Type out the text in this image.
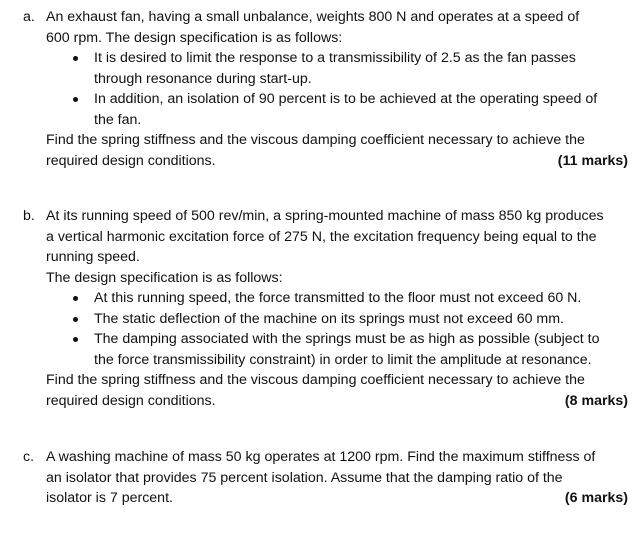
a. An exhaust fan, having a small unbalance, weights 800 N and operates at a speed of
600 rpm. The design specification is as follows:
It is desired to limit the response to a transmissibility of 2.5 as the fan passes
through resonance during start-up.
In addition, an isolation of 90 percent is to be achieved at the operating speed of
the fan.
Find the spring stiffness and the viscous damping coefficient necessary to achieve the
required design conditions.	(11 marks)
b. At its running speed of 500 rev/min, a spring-mounted machine of mass 850 kg produces
a vertical harmonic excitation force of 275 N, the excitation frequency being equal to the
running speed.
The design specification is as follows:
At this running speed, the force transmitted to the floor must not exceed 60 N.
The static deflection of the machine on its springs must not exceed 60 mm.
The damping associated with the springs must be as high as possible (subject to
the force transmissibility constraint) in order to limit the amplitude at resonance.
Find the spring stiffness and the viscous damping coefficient necessary to achieve the
required design conditions.	(8 marks)
c. A washing machine of mass 50 kg operates at 1200 rpm. Find the maximum stiffness of
an isolator that provides 75 percent isolation. Assume that the damping ratio of the
isolator is 7 percent.	(6 marks)
